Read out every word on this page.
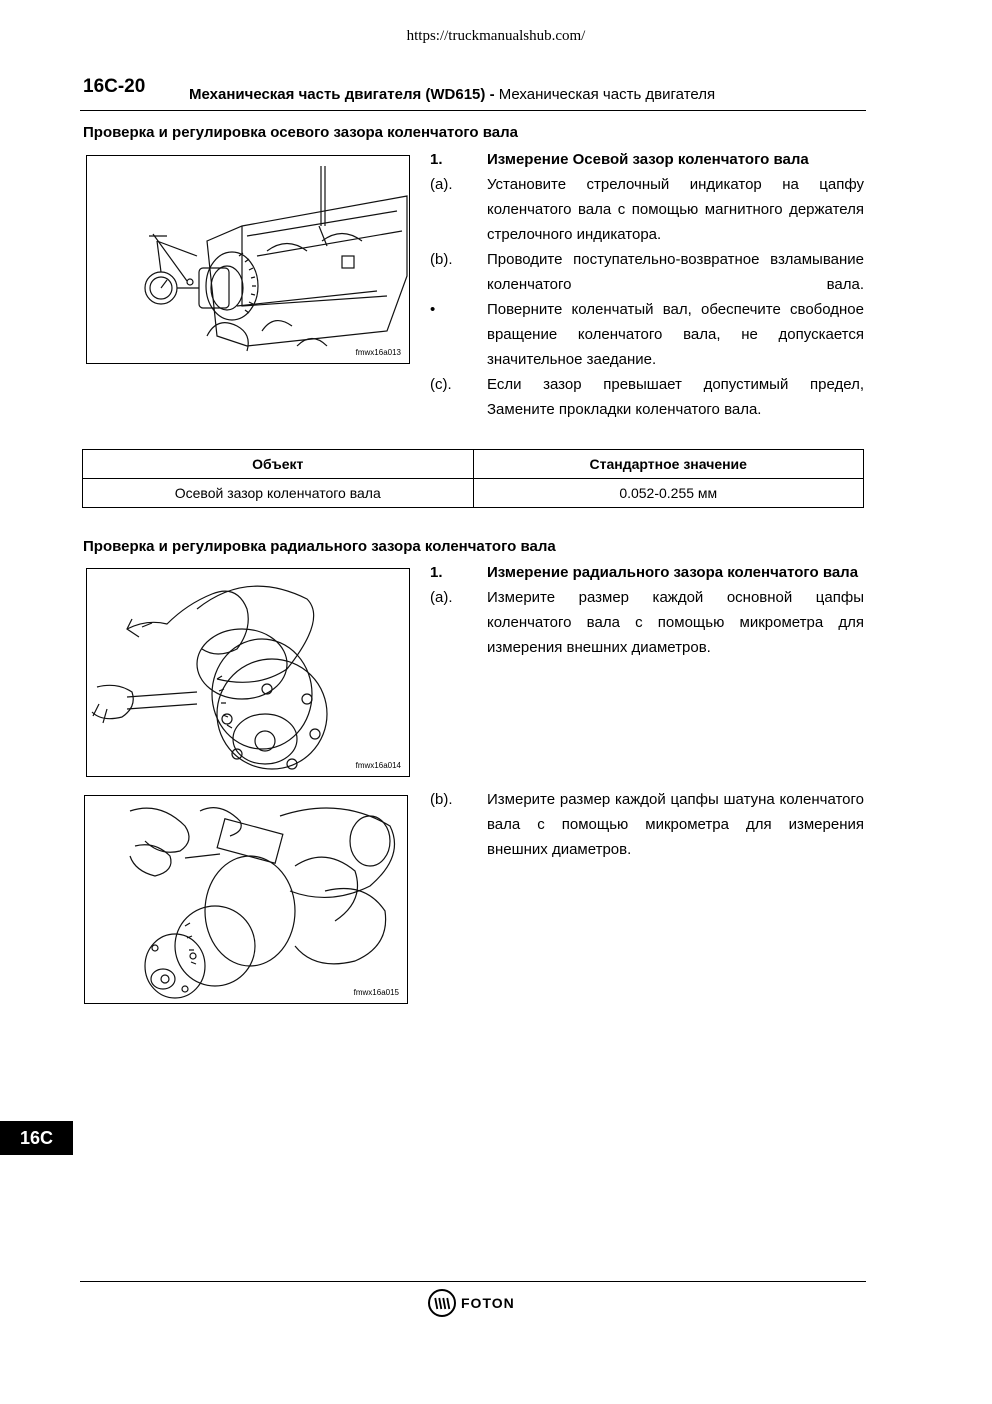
https://truckmanualshub.com/
16C-20	Механическая часть двигателя (WD615) - Механическая часть двигателя
Проверка и регулировка осевого зазора коленчатого вала
fmwx16a013
1.	Измерение Осевой зазор коленчатого вала
(a).	Установите стрелочный индикатор на цапфу коленчатого вала с помощью магнитного держателя стрелочного индикатора.
(b).	Проводите поступательно-возвратное взламывание коленчатого вала.
•	Поверните коленчатый вал, обеспечите свободное вращение коленчатого вала, не допускается значительное заедание.
(c).	Если зазор превышает допустимый предел, Замените прокладки коленчатого вала.
Объект	Стандартное значение
Осевой зазор коленчатого вала	0.052-0.255 мм
Проверка и регулировка радиального зазора коленчатого вала
fmwx16a014
1.	Измерение радиального зазора коленчатого вала
(a).	Измерите размер каждой основной цапфы коленчатого вала с помощью микрометра для измерения внешних диаметров.
fmwx16a015
(b).	Измерите размер каждой цапфы шатуна коленчатого вала с помощью микрометра для измерения внешних диаметров.
16C
FOTON
